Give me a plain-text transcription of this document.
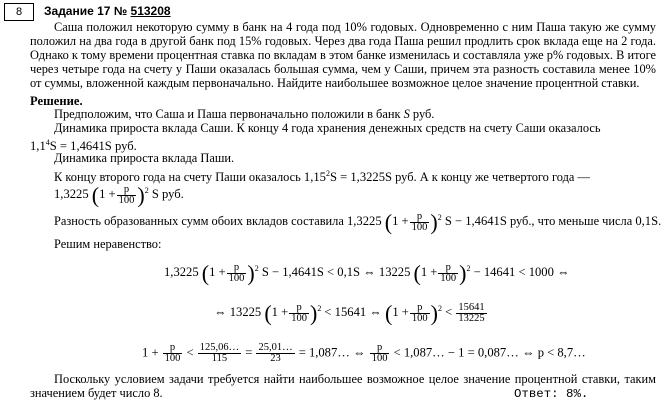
8	Задание 17 № 513208
Саша положил некоторую сумму в банк на 4 года под 10% годовых. Одновременно с ним Паша такую же сумму положил на два года в другой банк под 15% годовых. Через два года Паша решил продлить срок вклада еще на 2 года. Однако к тому времени процентная ставка по вкладам в этом банке изменилась и составляла уже p% годовых. В итоге через четыре года на счету у Паши оказалась большая сумма, чем у Саши, причем эта разность составила менее 10% от суммы, вложенной каждым первоначально. Найдите наибольшее возможное целое значение процентной ставки.
Решение.
Предположим, что Саша и Паша первоначально положили в банк S руб.
Динамика прироста вклада Саши. К концу 4 года хранения денежных средств на счету Саши оказалось
$1,1^4S = 1,4641S$ руб.
Динамика прироста вклада Паши.
К концу второго года на счету Паши оказалось $1,15^2S = 1,3225S$ руб. А к концу же четвертого года —
1,3225 $(1 + \frac{p}{100} )^2$ S руб.
Разность образованных сумм обоих вкладов составила 1,3225 $(1 + \frac{p}{100} )^2$ S − 1,4641S руб., что меньше числа 0,1S.
Решим неравенство:
1,3225 $(1 + \frac{p}{100} )^2$ S − 1,4641S < 0,1S ⇔ 13225 $(1 + \frac{p}{100} )^2 - 14641 < 1000$ ⇔
⇔ 13225 $(1 + \frac{p}{100} )^2 < 15641$ ⇔ $(1 + \frac{p}{100} )^2 < \frac{15641}{13225}$
$1 + \frac{p}{100} < \frac{125,06\dots}{115} = \frac{25,01\dots}{23}$ = 1,087… ⇔ $\frac{p}{100}$ < 1,087… − 1 = 0,087… ⇔ p < 8,7…
Поскольку условием задачи требуется найти наибольшее возможное целое значение процентной ставки, таким значением будет число 8.	Ответ: 8%.
